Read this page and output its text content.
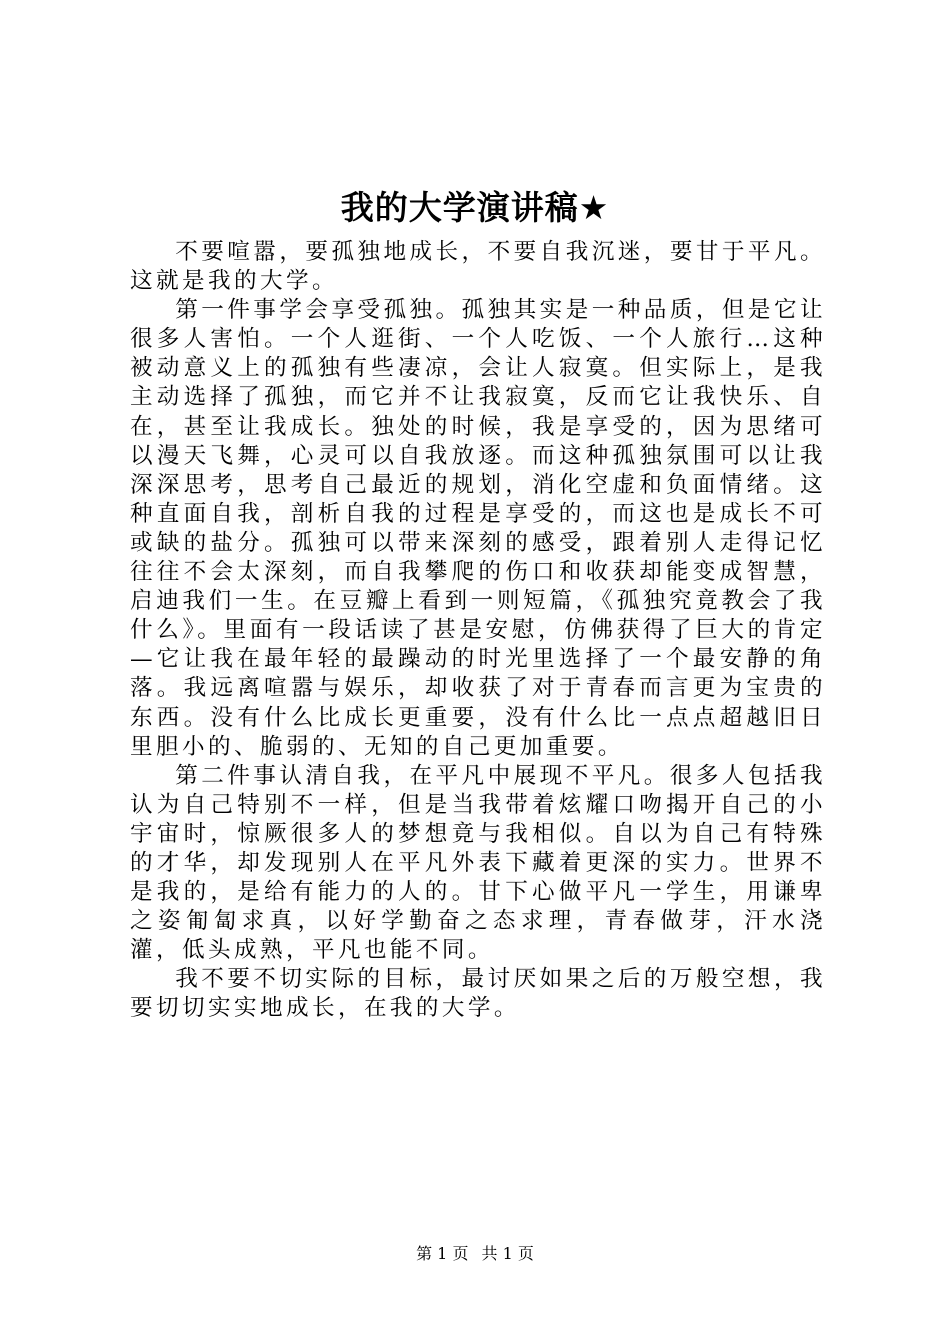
我的大学演讲稿★

不要喧嚣，要孤独地成长，不要自我沉迷，要甘于平凡。这就是我的大学。

第一件事学会享受孤独。孤独其实是一种品质，但是它让很多人害怕。一个人逛街、一个人吃饭、一个人旅行…这种被动意义上的孤独有些凄凉，会让人寂寞。但实际上，是我主动选择了孤独，而它并不让我寂寞，反而它让我快乐、自在，甚至让我成长。独处的时候，我是享受的，因为思绪可以漫天飞舞，心灵可以自我放逐。而这种孤独氛围可以让我深深思考，思考自己最近的规划，消化空虚和负面情绪。这种直面自我，剖析自我的过程是享受的，而这也是成长不可或缺的盐分。孤独可以带来深刻的感受，跟着别人走得记忆往往不会太深刻，而自我攀爬的伤口和收获却能变成智慧，启迪我们一生。在豆瓣上看到一则短篇，《孤独究竟教会了我什么》。里面有一段话读了甚是安慰，仿佛获得了巨大的肯定—它让我在最年轻的最躁动的时光里选择了一个最安静的角落。我远离喧嚣与娱乐，却收获了对于青春而言更为宝贵的东西。没有什么比成长更重要，没有什么比一点点超越旧日里胆小的、脆弱的、无知的自己更加重要。

第二件事认清自我，在平凡中展现不平凡。很多人包括我认为自己特别不一样，但是当我带着炫耀口吻揭开自己的小宇宙时，惊厥很多人的梦想竟与我相似。自以为自己有特殊的才华，却发现别人在平凡外表下藏着更深的实力。世界不是我的，是给有能力的人的。甘下心做平凡一学生，用谦卑之姿匍匐求真，以好学勤奋之态求理，青春做芽，汗水浇灌，低头成熟，平凡也能不同。

我不要不切实际的目标，最讨厌如果之后的万般空想，我要切切实实地成长，在我的大学。

第 1 页 共 1 页
